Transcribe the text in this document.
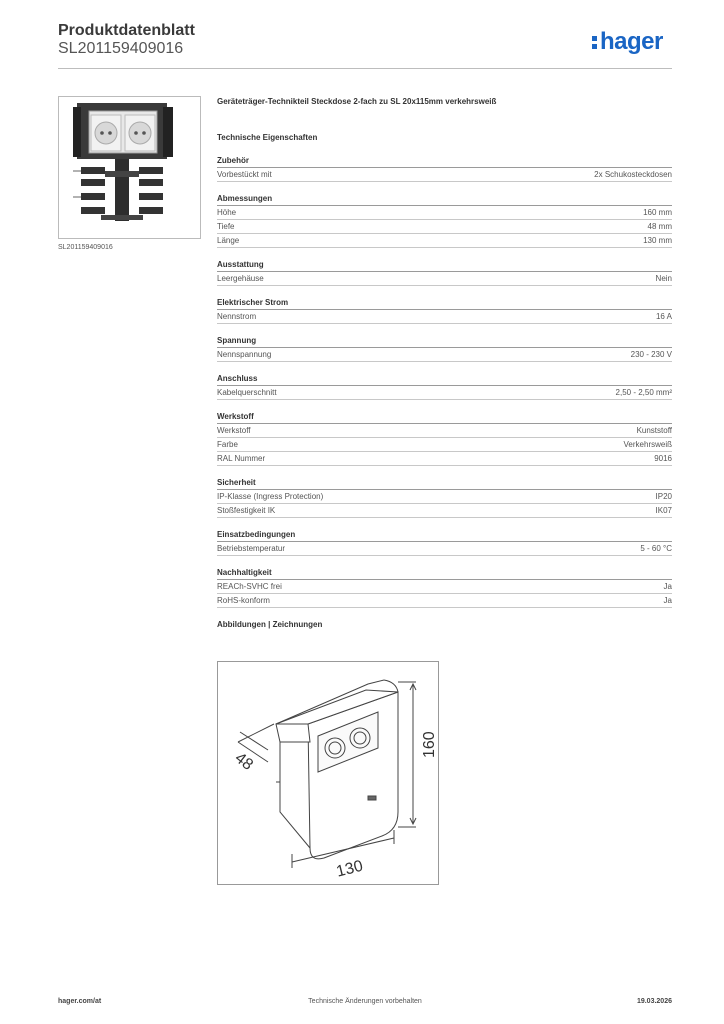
Produktdatenblatt
SL201159409016	hager
SL201159409016
Geräteträger-Technikteil Steckdose 2-fach zu SL 20x115mm verkehrsweiß
Technische Eigenschaften
Zubehör
Vorbestückt mit	2x Schukosteckdosen
Abmessungen
Höhe	160 mm
Tiefe	48 mm
Länge	130 mm
Ausstattung
Leergehäuse	Nein
Elektrischer Strom
Nennstrom	16 A
Spannung
Nennspannung	230 - 230 V
Anschluss
Kabelquerschnitt	2,50 - 2,50 mm²
Werkstoff
Werkstoff	Kunststoff
Farbe	Verkehrsweiß
RAL Nummer	9016
Sicherheit
IP-Klasse (Ingress Protection)	IP20
Stoßfestigkeit IK	IK07
Einsatzbedingungen
Betriebstemperatur	5 - 60 °C
Nachhaltigkeit
REACh-SVHC frei	Ja
RoHS-konform	Ja
Abbildungen | Zeichnungen
48
160
130
hager.com/at	Technische Änderungen vorbehalten	19.03.2026
